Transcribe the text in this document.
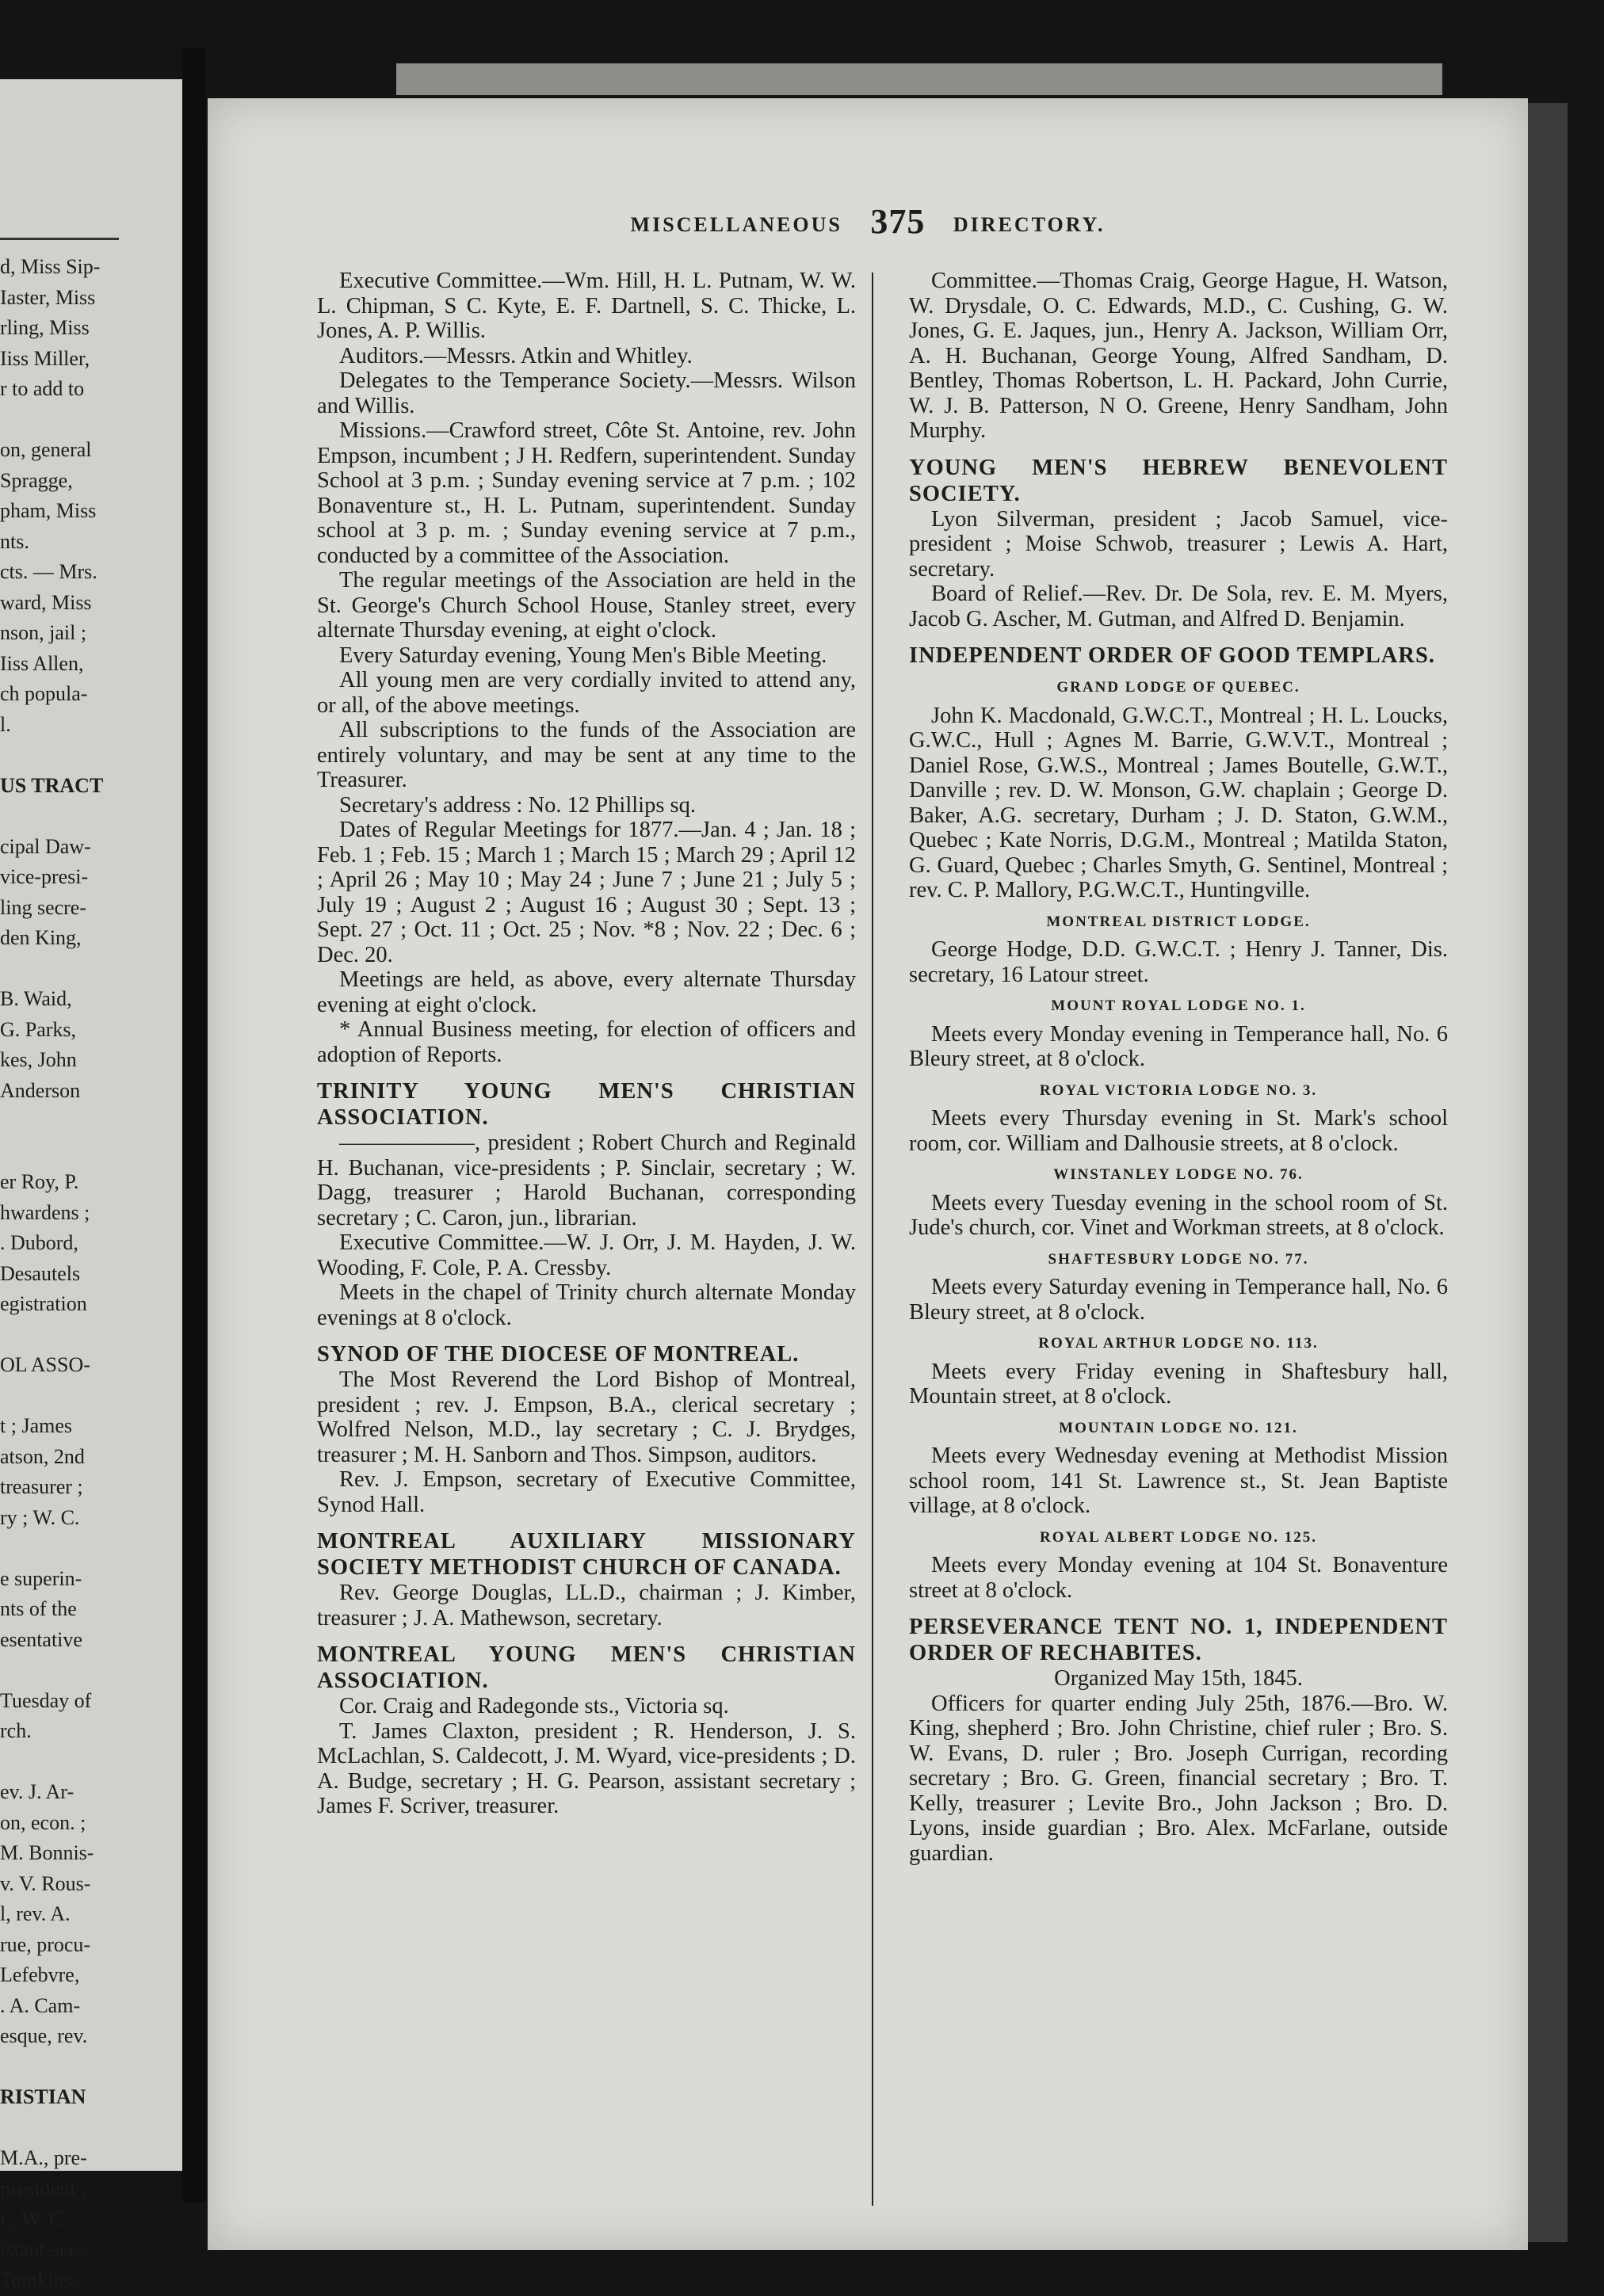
d, Miss Sip-
Iaster, Miss
rling, Miss
Iiss Miller,
r to add to
on, general
Spragge,
pham, Miss
nts.
cts. — Mrs.
ward, Miss
nson, jail ;
Iiss Allen,
ch popula-
l.
US TRACT
cipal Daw-
vice-presi-
ling secre-
den King,
B. Waid,
G. Parks,
kes, John
Anderson
er Roy, P.
hwardens ;
. Dubord,
Desautels
egistration
OL ASSO-
t ; James
atson, 2nd
treasurer ;
ry ; W. C.
e superin-
nts of the
esentative
Tuesday of
rch.
ev. J. Ar-
on, econ. ;
M. Bonnis-
v. V. Rous-
l, rev. A.
rue, procu-
Lefebvre,
. A. Cam-
esque, rev.
RISTIAN
M.A., pre-
president ;
t ; W. C.
istant-sec-
Tomkins,
MISCELLANEOUS 375 DIRECTORY.

Executive Committee.—Wm. Hill, H. L. Putnam, W. W. L. Chipman, S C. Kyte, E. F. Dartnell, S. C. Thicke, L. Jones, A. P. Willis.

Auditors.—Messrs. Atkin and Whitley.

Delegates to the Temperance Society.—Messrs. Wilson and Willis.

Missions.—Crawford street, Côte St. Antoine, rev. John Empson, incumbent ; J H. Redfern, superintendent. Sunday School at 3 p.m. ; Sunday evening service at 7 p.m. ; 102 Bonaventure st., H. L. Putnam, superintendent. Sunday school at 3 p. m. ; Sunday evening service at 7 p.m., conducted by a committee of the Association.

The regular meetings of the Association are held in the St. George's Church School House, Stanley street, every alternate Thursday evening, at eight o'clock.

Every Saturday evening, Young Men's Bible Meeting.

All young men are very cordially invited to attend any, or all, of the above meetings.

All subscriptions to the funds of the Association are entirely voluntary, and may be sent at any time to the Treasurer.

Secretary's address : No. 12 Phillips sq.

Dates of Regular Meetings for 1877.—Jan. 4 ; Jan. 18 ; Feb. 1 ; Feb. 15 ; March 1 ; March 15 ; March 29 ; April 12 ; April 26 ; May 10 ; May 24 ; June 7 ; June 21 ; July 5 ; July 19 ; August 2 ; August 16 ; August 30 ; Sept. 13 ; Sept. 27 ; Oct. 11 ; Oct. 25 ; Nov. *8 ; Nov. 22 ; Dec. 6 ; Dec. 20.

Meetings are held, as above, every alternate Thursday evening at eight o'clock.

* Annual Business meeting, for election of officers and adoption of Reports.

TRINITY YOUNG MEN'S CHRISTIAN ASSOCIATION.

——————, president ; Robert Church and Reginald H. Buchanan, vice-presidents ; P. Sinclair, secretary ; W. Dagg, treasurer ; Harold Buchanan, corresponding secretary ; C. Caron, jun., librarian.

Executive Committee.—W. J. Orr, J. M. Hayden, J. W. Wooding, F. Cole, P. A. Cressby.

Meets in the chapel of Trinity church alternate Monday evenings at 8 o'clock.

SYNOD OF THE DIOCESE OF MONTREAL.

The Most Reverend the Lord Bishop of Montreal, president ; rev. J. Empson, B.A., clerical secretary ; Wolfred Nelson, M.D., lay secretary ; C. J. Brydges, treasurer ; M. H. Sanborn and Thos. Simpson, auditors.

Rev. J. Empson, secretary of Executive Committee, Synod Hall.

MONTREAL AUXILIARY MISSIONARY SOCIETY METHODIST CHURCH OF CANADA.

Rev. George Douglas, LL.D., chairman ; J. Kimber, treasurer ; J. A. Mathewson, secretary.

MONTREAL YOUNG MEN'S CHRISTIAN ASSOCIATION.

Cor. Craig and Radegonde sts., Victoria sq.

T. James Claxton, president ; R. Henderson, J. S. McLachlan, S. Caldecott, J. M. Wyard, vice-presidents ; D. A. Budge, secretary ; H. G. Pearson, assistant secretary ; James F. Scriver, treasurer.

Committee.—Thomas Craig, George Hague, H. Watson, W. Drysdale, O. C. Edwards, M.D., C. Cushing, G. W. Jones, G. E. Jaques, jun., Henry A. Jackson, William Orr, A. H. Buchanan, George Young, Alfred Sandham, D. Bentley, Thomas Robertson, L. H. Packard, John Currie, W. J. B. Patterson, N O. Greene, Henry Sandham, John Murphy.

YOUNG MEN'S HEBREW BENEVOLENT SOCIETY.

Lyon Silverman, president ; Jacob Samuel, vice-president ; Moise Schwob, treasurer ; Lewis A. Hart, secretary.

Board of Relief.—Rev. Dr. De Sola, rev. E. M. Myers, Jacob G. Ascher, M. Gutman, and Alfred D. Benjamin.

INDEPENDENT ORDER OF GOOD TEMPLARS.

GRAND LODGE OF QUEBEC.

John K. Macdonald, G.W.C.T., Montreal ; H. L. Loucks, G.W.C., Hull ; Agnes M. Barrie, G.W.V.T., Montreal ; Daniel Rose, G.W.S., Montreal ; James Boutelle, G.W.T., Danville ; rev. D. W. Monson, G.W. chaplain ; George D. Baker, A.G. secretary, Durham ; J. D. Staton, G.W.M., Quebec ; Kate Norris, D.G.M., Montreal ; Matilda Staton, G. Guard, Quebec ; Charles Smyth, G. Sentinel, Montreal ; rev. C. P. Mallory, P.G.W.C.T., Huntingville.

MONTREAL DISTRICT LODGE.

George Hodge, D.D. G.W.C.T. ; Henry J. Tanner, Dis. secretary, 16 Latour street.

MOUNT ROYAL LODGE NO. 1.

Meets every Monday evening in Temperance hall, No. 6 Bleury street, at 8 o'clock.

ROYAL VICTORIA LODGE NO. 3.

Meets every Thursday evening in St. Mark's school room, cor. William and Dalhousie streets, at 8 o'clock.

WINSTANLEY LODGE NO. 76.

Meets every Tuesday evening in the school room of St. Jude's church, cor. Vinet and Workman streets, at 8 o'clock.

SHAFTESBURY LODGE NO. 77.

Meets every Saturday evening in Temperance hall, No. 6 Bleury street, at 8 o'clock.

ROYAL ARTHUR LODGE NO. 113.

Meets every Friday evening in Shaftesbury hall, Mountain street, at 8 o'clock.

MOUNTAIN LODGE NO. 121.

Meets every Wednesday evening at Methodist Mission school room, 141 St. Lawrence st., St. Jean Baptiste village, at 8 o'clock.

ROYAL ALBERT LODGE NO. 125.

Meets every Monday evening at 104 St. Bonaventure street at 8 o'clock.

PERSEVERANCE TENT NO. 1, INDEPENDENT ORDER OF RECHABITES.

Organized May 15th, 1845.

Officers for quarter ending July 25th, 1876.—Bro. W. King, shepherd ; Bro. John Christine, chief ruler ; Bro. S. W. Evans, D. ruler ; Bro. Joseph Currigan, recording secretary ; Bro. G. Green, financial secretary ; Bro. T. Kelly, treasurer ; Levite Bro., John Jackson ; Bro. D. Lyons, inside guardian ; Bro. Alex. McFarlane, outside guardian.
